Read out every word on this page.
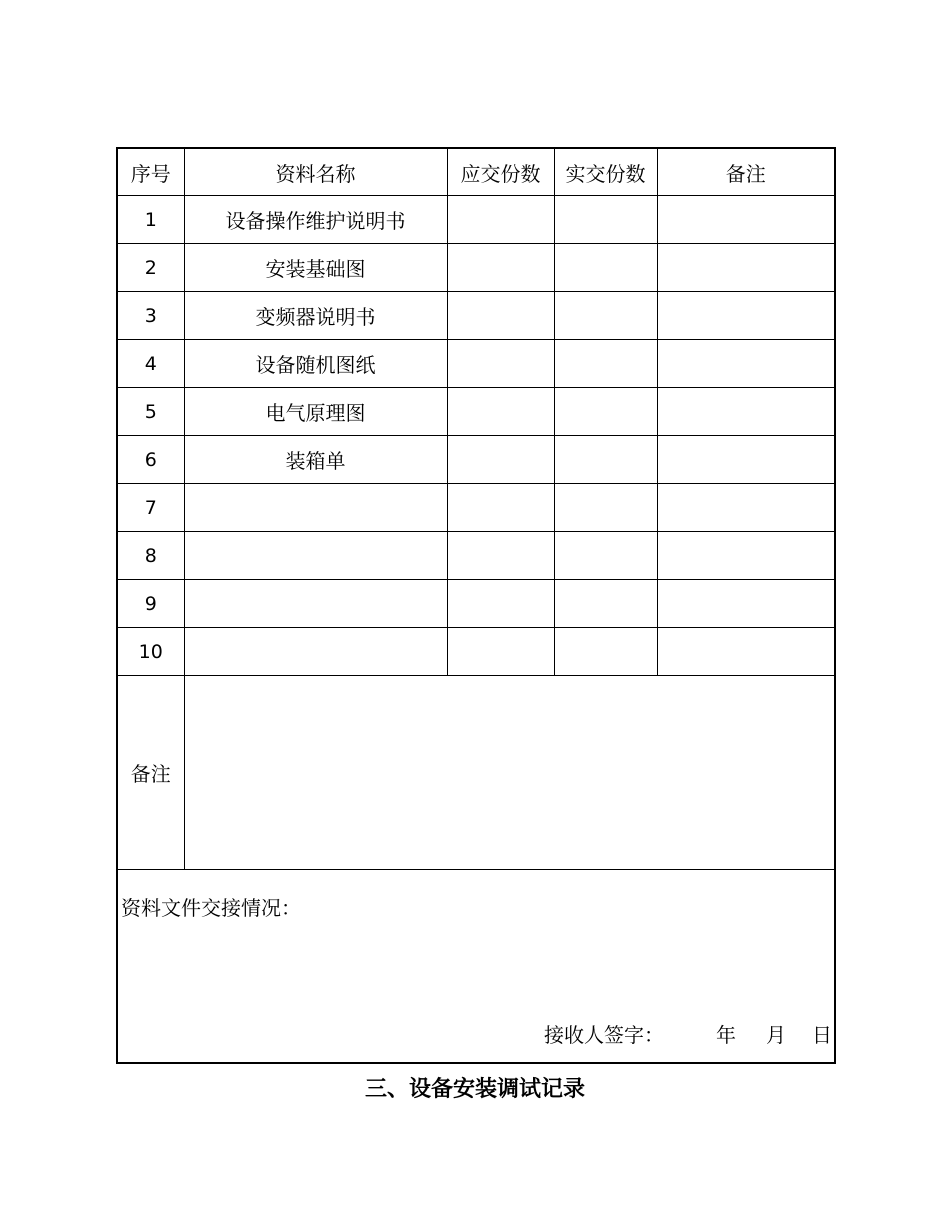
序号	资料名称	应交份数	实交份数	备注
1	设备操作维护说明书			
2	安装基础图			
3	变频器说明书			
4	设备随机图纸			
5	电气原理图			
6	装箱单			
7				
8				
9				
10				
备注				

资料文件交接情况：
接收人签字： 年 月 日				
三、设备安装调试记录
